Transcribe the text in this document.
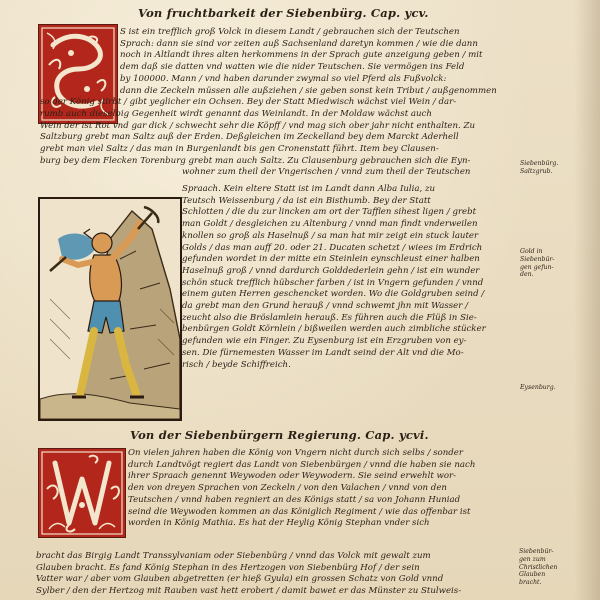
Von fruchtbarkeit der Siebenbürg. Cap. ycv.
S ist ein trefflich groß Volck in diesem Landt / gebrauchen sich der Teutschen
Sprach: dann sie sind vor zeiten auß Sachsenland daretyn kommen / wie die dann
noch in Altlandt ihres alten herkommens in der Sprach gute anzeigung geben / mit
dem daß sie datten vnd watten wie die nider Teutschen. Sie vermögen ins Feld
by 100000. Mann / vnd haben darunder zwymal so viel Pferd als Fußvolck:
dann die Zeckeln müssen alle außziehen / sie geben sonst kein Tribut / außgenommen
so der König stirbt / gibt yeglicher ein Ochsen. Bey der Statt Miedwisch wächst viel Wein / dar-
rumb auch dieselbig Gegenheit wirdt genannt das Weinlandt. In der Moldaw wächst auch
Wein der ist Rot vnd gar dick / schwecht sehr die Köpff / vnd mag sich ober jahr nicht enthalten. Zu
Saltzburg grebt man Saltz auß der Erden. Deßgleichen im Zeckelland bey dem Marckt Aderhell
grebt man viel Saltz / das man in Burgenlandt bis gen Cronenstatt führt. Item bey Clausen-
burg bey dem Flecken Torenburg grebt man auch Saltz. Zu Clausenburg gebrauchen sich die Eyn-
wohner zum theil der Vngerischen / vnnd zum theil der Teutschen
Spraach. Kein eltere Statt ist im Landt dann Alba Iulia, zu
Teutsch Weissenburg / da ist ein Bisthumb. Bey der Statt
Schlotten / die du zur lincken am ort der Tafflen sihest ligen / grebt
man Goldt / desgleichen zu Altenburg / vnnd man findt vnderweilen
knollen so groß als Haselnuß / sa man hat mir zeigt ein stuck lauter
Golds / das man auff 20. oder 21. Ducaten schetzt / wiees im Erdrich
gefunden wordet in der mitte ein Steinlein eynschleust einer halben
Haselnuß groß / vnnd dardurch Golddederlein gehn / ist ein wunder
schön stuck trefflich hübscher farben / ist in Vngern gefunden / vnnd
einem guten Herren geschencket worden. Wo die Goldgruben seind /
da grebt man den Grund herauß / vnnd schwemt jhn mit Wasser /
zeucht also die Bröslamlein herauß. Es führen auch die Flüß in Sie-
benbürgen Goldt Körnlein / bißweilen werden auch zimbliche stücker
gefunden wie ein Finger. Zu Eysenburg ist ein Erzgruben von ey-
sen. Die fürnemesten Wasser im Landt seind der Alt vnd die Mo-
risch / beyde Schiffreich.
Von der Siebenbürgern Regierung. Cap. ycvi.
On vielen jahren haben die König von Vngern nicht durch sich selbs / sonder
durch Landtvögt regiert das Landt von Siebenbürgen / vnnd die haben sie nach
ihrer Spraach genennt Weywoden oder Weywodern. Sie seind erwehlt wor-
den von dreyen Sprachen von Zeckeln / von den Valachen / vnnd von den
Teutschen / vnnd haben regniert an des Königs statt / sa von Johann Huniad
seind die Weywoden kommen an das Königlich Regiment / wie das offenbar ist
worden in König Mathia. Es hat der Heylig König Stephan vnder sich
bracht das Birgig Landt Transsylvaniam oder Siebenbürg / vnnd das Volck mit gewalt zum
Glauben bracht. Es fand König Stephan in des Hertzogen von Siebenbürg Hof / der sein
Vatter war / aber vom Glauben abgetretten (er hieß Gyula) ein grossen Schatz von Gold vnnd
Sylber / den der Hertzog mit Rauben vast hett erobert / damit bawet er das Münster zu Stulweis-
Siebenbürg.
Saltzgrub.
Gold in
Siebenbür-
gen gefun-
den.
Eysenburg.
Siebenbür-
gen zum
Christlichen
Glauben
bracht.
